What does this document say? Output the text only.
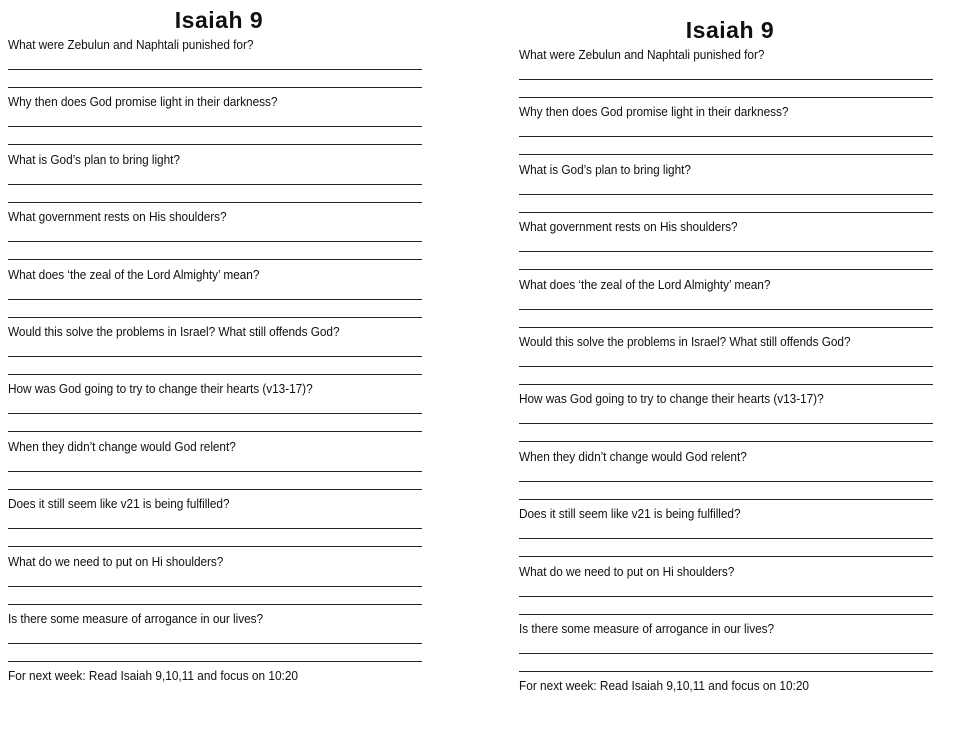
Isaiah 9

What were Zebulun and Naphtali punished for?

Why then does God promise light in their darkness?

What is God’s plan to bring light?

What government rests on His shoulders?

What does ‘the zeal of the Lord Almighty’ mean?

Would this solve the problems in Israel? What still offends God?

How was God going to try to change their hearts (v13-17)?

When they didn’t change would God relent?

Does it still seem like v21 is being fulfilled?

What do we need to put on Hi shoulders?

Is there some measure of arrogance in our lives?

For next week: Read Isaiah 9,10,11 and focus on 10:20

Isaiah 9

What were Zebulun and Naphtali punished for?

Why then does God promise light in their darkness?

What is God’s plan to bring light?

What government rests on His shoulders?

What does ‘the zeal of the Lord Almighty’ mean?

Would this solve the problems in Israel? What still offends God?

How was God going to try to change their hearts (v13-17)?

When they didn’t change would God relent?

Does it still seem like v21 is being fulfilled?

What do we need to put on Hi shoulders?

Is there some measure of arrogance in our lives?

For next week: Read Isaiah 9,10,11 and focus on 10:20
